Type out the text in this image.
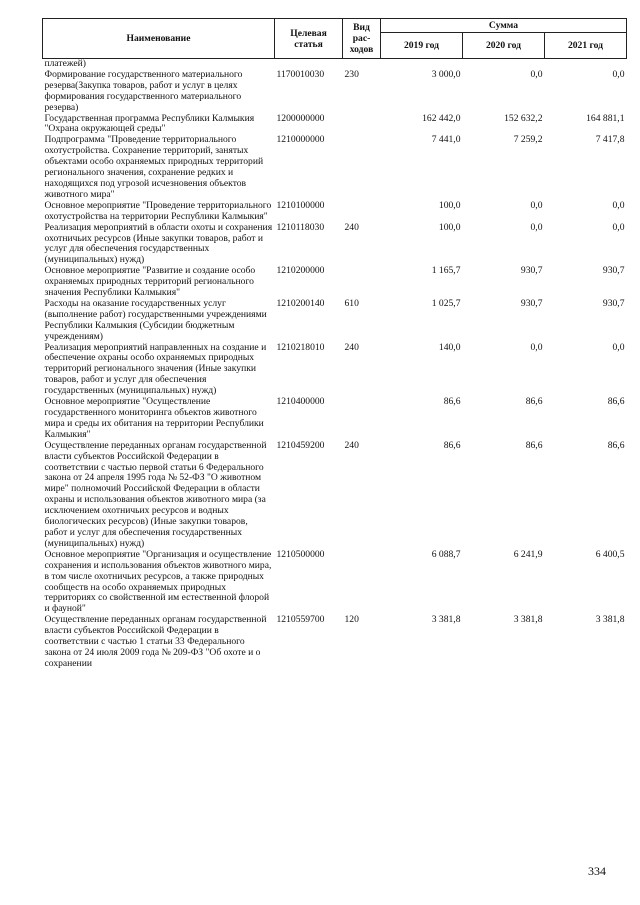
Наименование	Целевая статья	Вид рас-ходов	Сумма		
			2019 год	2020 год	2021 год
платежей)					
Формирование государственного материального резерва(Закупка товаров, работ и услуг в целях формирования государственного материального резерва)	1170010030	230	3 000,0	0,0	0,0
Государственная программа Республики Калмыкия "Охрана окружающей среды"	1200000000		162 442,0	152 632,2	164 881,1
Подпрограмма "Проведение территориального охотустройства. Сохранение территорий, занятых объектами особо охраняемых природных территорий регионального значения, сохранение редких и находящихся под угрозой исчезновения объектов животного мира"	1210000000		7 441,0	7 259,2	7 417,8
Основное мероприятие "Проведение территориального охотустройства на территории Республики Калмыкия"	1210100000		100,0	0,0	0,0
Реализация мероприятий в области охоты и сохранения охотничьих ресурсов (Иные закупки товаров, работ и услуг для обеспечения государственных (муниципальных) нужд)	1210118030	240	100,0	0,0	0,0
Основное мероприятие "Развитие и создание особо охраняемых природных территорий регионального значения Республики Калмыкия"	1210200000		1 165,7	930,7	930,7
Расходы на оказание государственных услуг (выполнение работ) государственными учреждениями Республики Калмыкия (Субсидии бюджетным учреждениям)	1210200140	610	1 025,7	930,7	930,7
Реализация мероприятий направленных на создание и обеспечение охраны особо охраняемых природных территорий регионального значения (Иные закупки товаров, работ и услуг для обеспечения государственных (муниципальных) нужд)	1210218010	240	140,0	0,0	0,0
Основное мероприятие "Осуществление государственного мониторинга объектов животного мира и среды их обитания на территории Республики Калмыкия"	1210400000		86,6	86,6	86,6
Осуществление переданных органам государственной власти субъектов Российской Федерации в соответствии с частью первой статьи 6 Федерального закона от 24 апреля 1995 года № 52-ФЗ "О животном мире" полномочий Российской Федерации в области охраны и использования объектов животного мира (за исключением охотничьих ресурсов и водных биологических ресурсов) (Иные закупки товаров, работ и услуг для обеспечения государственных (муниципальных) нужд)	1210459200	240	86,6	86,6	86,6
Основное мероприятие "Организация и осуществление сохранения и использования объектов животного мира, в том числе охотничьих ресурсов, а также природных сообществ на особо охраняемых природных территориях со свойственной им естественной флорой и фауной"	1210500000		6 088,7	6 241,9	6 400,5
Осуществление переданных органам государственной власти субъектов Российской Федерации в соответствии с частью 1 статьи 33 Федерального закона от 24 июля 2009 года № 209-ФЗ "Об охоте и о сохранении	1210559700	120	3 381,8	3 381,8	3 381,8
334
